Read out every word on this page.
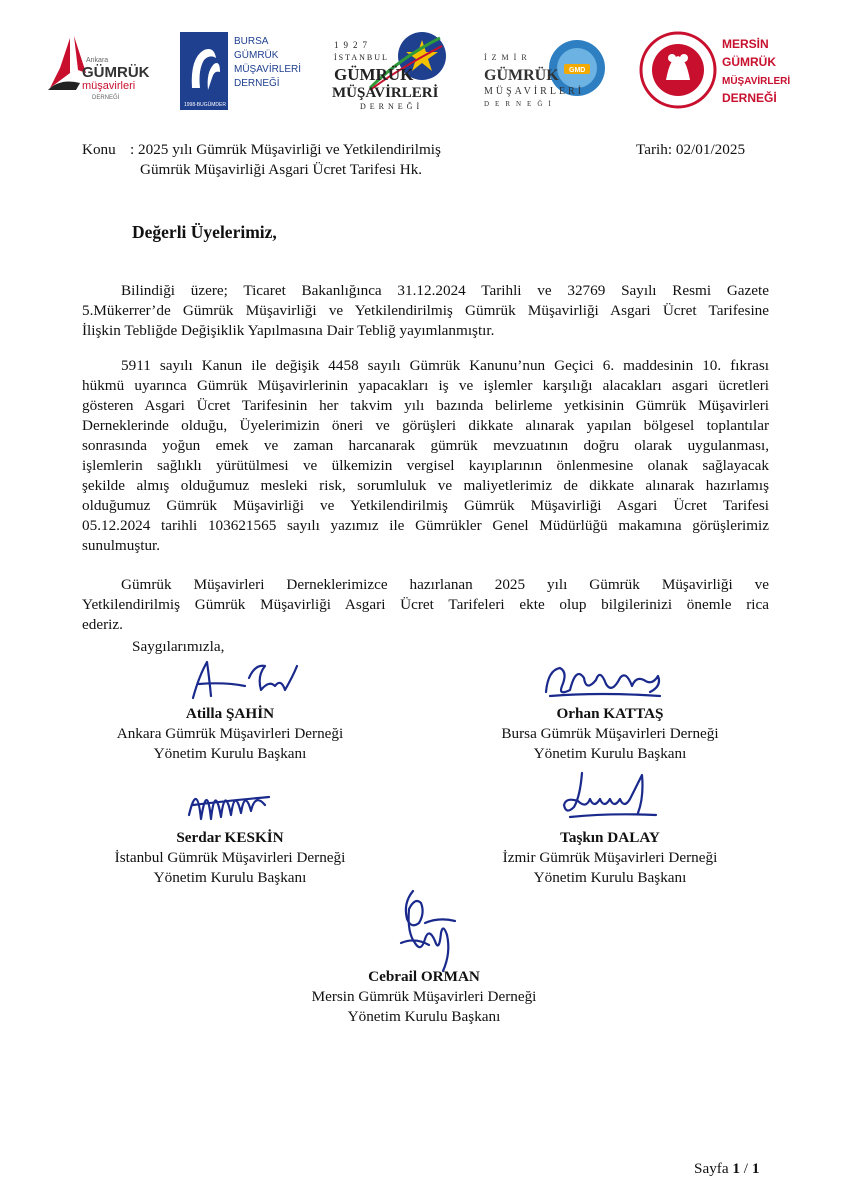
Ankara
GÜMRÜK
müşavirleri
DERNEĞİ
1998-BUGÜMDER
BURSA
GÜMRÜK
MÜŞAVİRLERİ
DERNEĞİ
1927
İSTANBUL
GÜMRÜK
MÜŞAVİRLERİ
DERNEĞİ
GMD
İZMİR
GÜMRÜK
MÜŞAVİRLERİ
DERNEĞİ
MERSİN
GÜMRÜK
MÜŞAVİRLERİ
DERNEĞİ
Konu : 2025 yılı Gümrük Müşavirliği ve Yetkilendirilmiş
Gümrük Müşavirliği Asgari Ücret Tarifesi Hk.
Tarih: 02/01/2025
Değerli Üyelerimiz,
Bilindiği üzere; Ticaret Bakanlığınca 31.12.2024 Tarihli ve 32769 Sayılı Resmi Gazete
5.Mükerrer’de Gümrük Müşavirliği ve Yetkilendirilmiş Gümrük Müşavirliği Asgari Ücret Tarifesine
İlişkin Tebliğde Değişiklik Yapılmasına Dair Tebliğ yayımlanmıştır.
5911 sayılı Kanun ile değişik 4458 sayılı Gümrük Kanunu’nun Geçici 6. maddesinin 10. fıkrası
hükmü uyarınca Gümrük Müşavirlerinin yapacakları iş ve işlemler karşılığı alacakları asgari ücretleri
gösteren Asgari Ücret Tarifesinin her takvim yılı bazında belirleme yetkisinin Gümrük Müşavirleri
Derneklerinde olduğu, Üyelerimizin öneri ve görüşleri dikkate alınarak yapılan bölgesel toplantılar
sonrasında yoğun emek ve zaman harcanarak gümrük mevzuatının doğru olarak uygulanması,
işlemlerin sağlıklı yürütülmesi ve ülkemizin vergisel kayıplarının önlenmesine olanak sağlayacak
şekilde almış olduğumuz mesleki risk, sorumluluk ve maliyetlerimiz de dikkate alınarak hazırlamış
olduğumuz Gümrük Müşavirliği ve Yetkilendirilmiş Gümrük Müşavirliği Asgari Ücret Tarifesi
05.12.2024 tarihli 103621565 sayılı yazımız ile Gümrükler Genel Müdürlüğü makamına görüşlerimiz
sunulmuştur.
Gümrük Müşavirleri Derneklerimizce hazırlanan 2025 yılı Gümrük Müşavirliği ve
Yetkilendirilmiş Gümrük Müşavirliği Asgari Ücret Tarifeleri ekte olup bilgilerinizi önemle rica
ederiz.
Saygılarımızla,
Atilla ŞAHİN
Ankara Gümrük Müşavirleri Derneği
Yönetim Kurulu Başkanı
Orhan KATTAŞ
Bursa Gümrük Müşavirleri Derneği
Yönetim Kurulu Başkanı
Serdar KESKİN
İstanbul Gümrük Müşavirleri Derneği
Yönetim Kurulu Başkanı
Taşkın DALAY
İzmir Gümrük Müşavirleri Derneği
Yönetim Kurulu Başkanı
Cebrail ORMAN
Mersin Gümrük Müşavirleri Derneği
Yönetim Kurulu Başkanı
Sayfa 1 / 1
